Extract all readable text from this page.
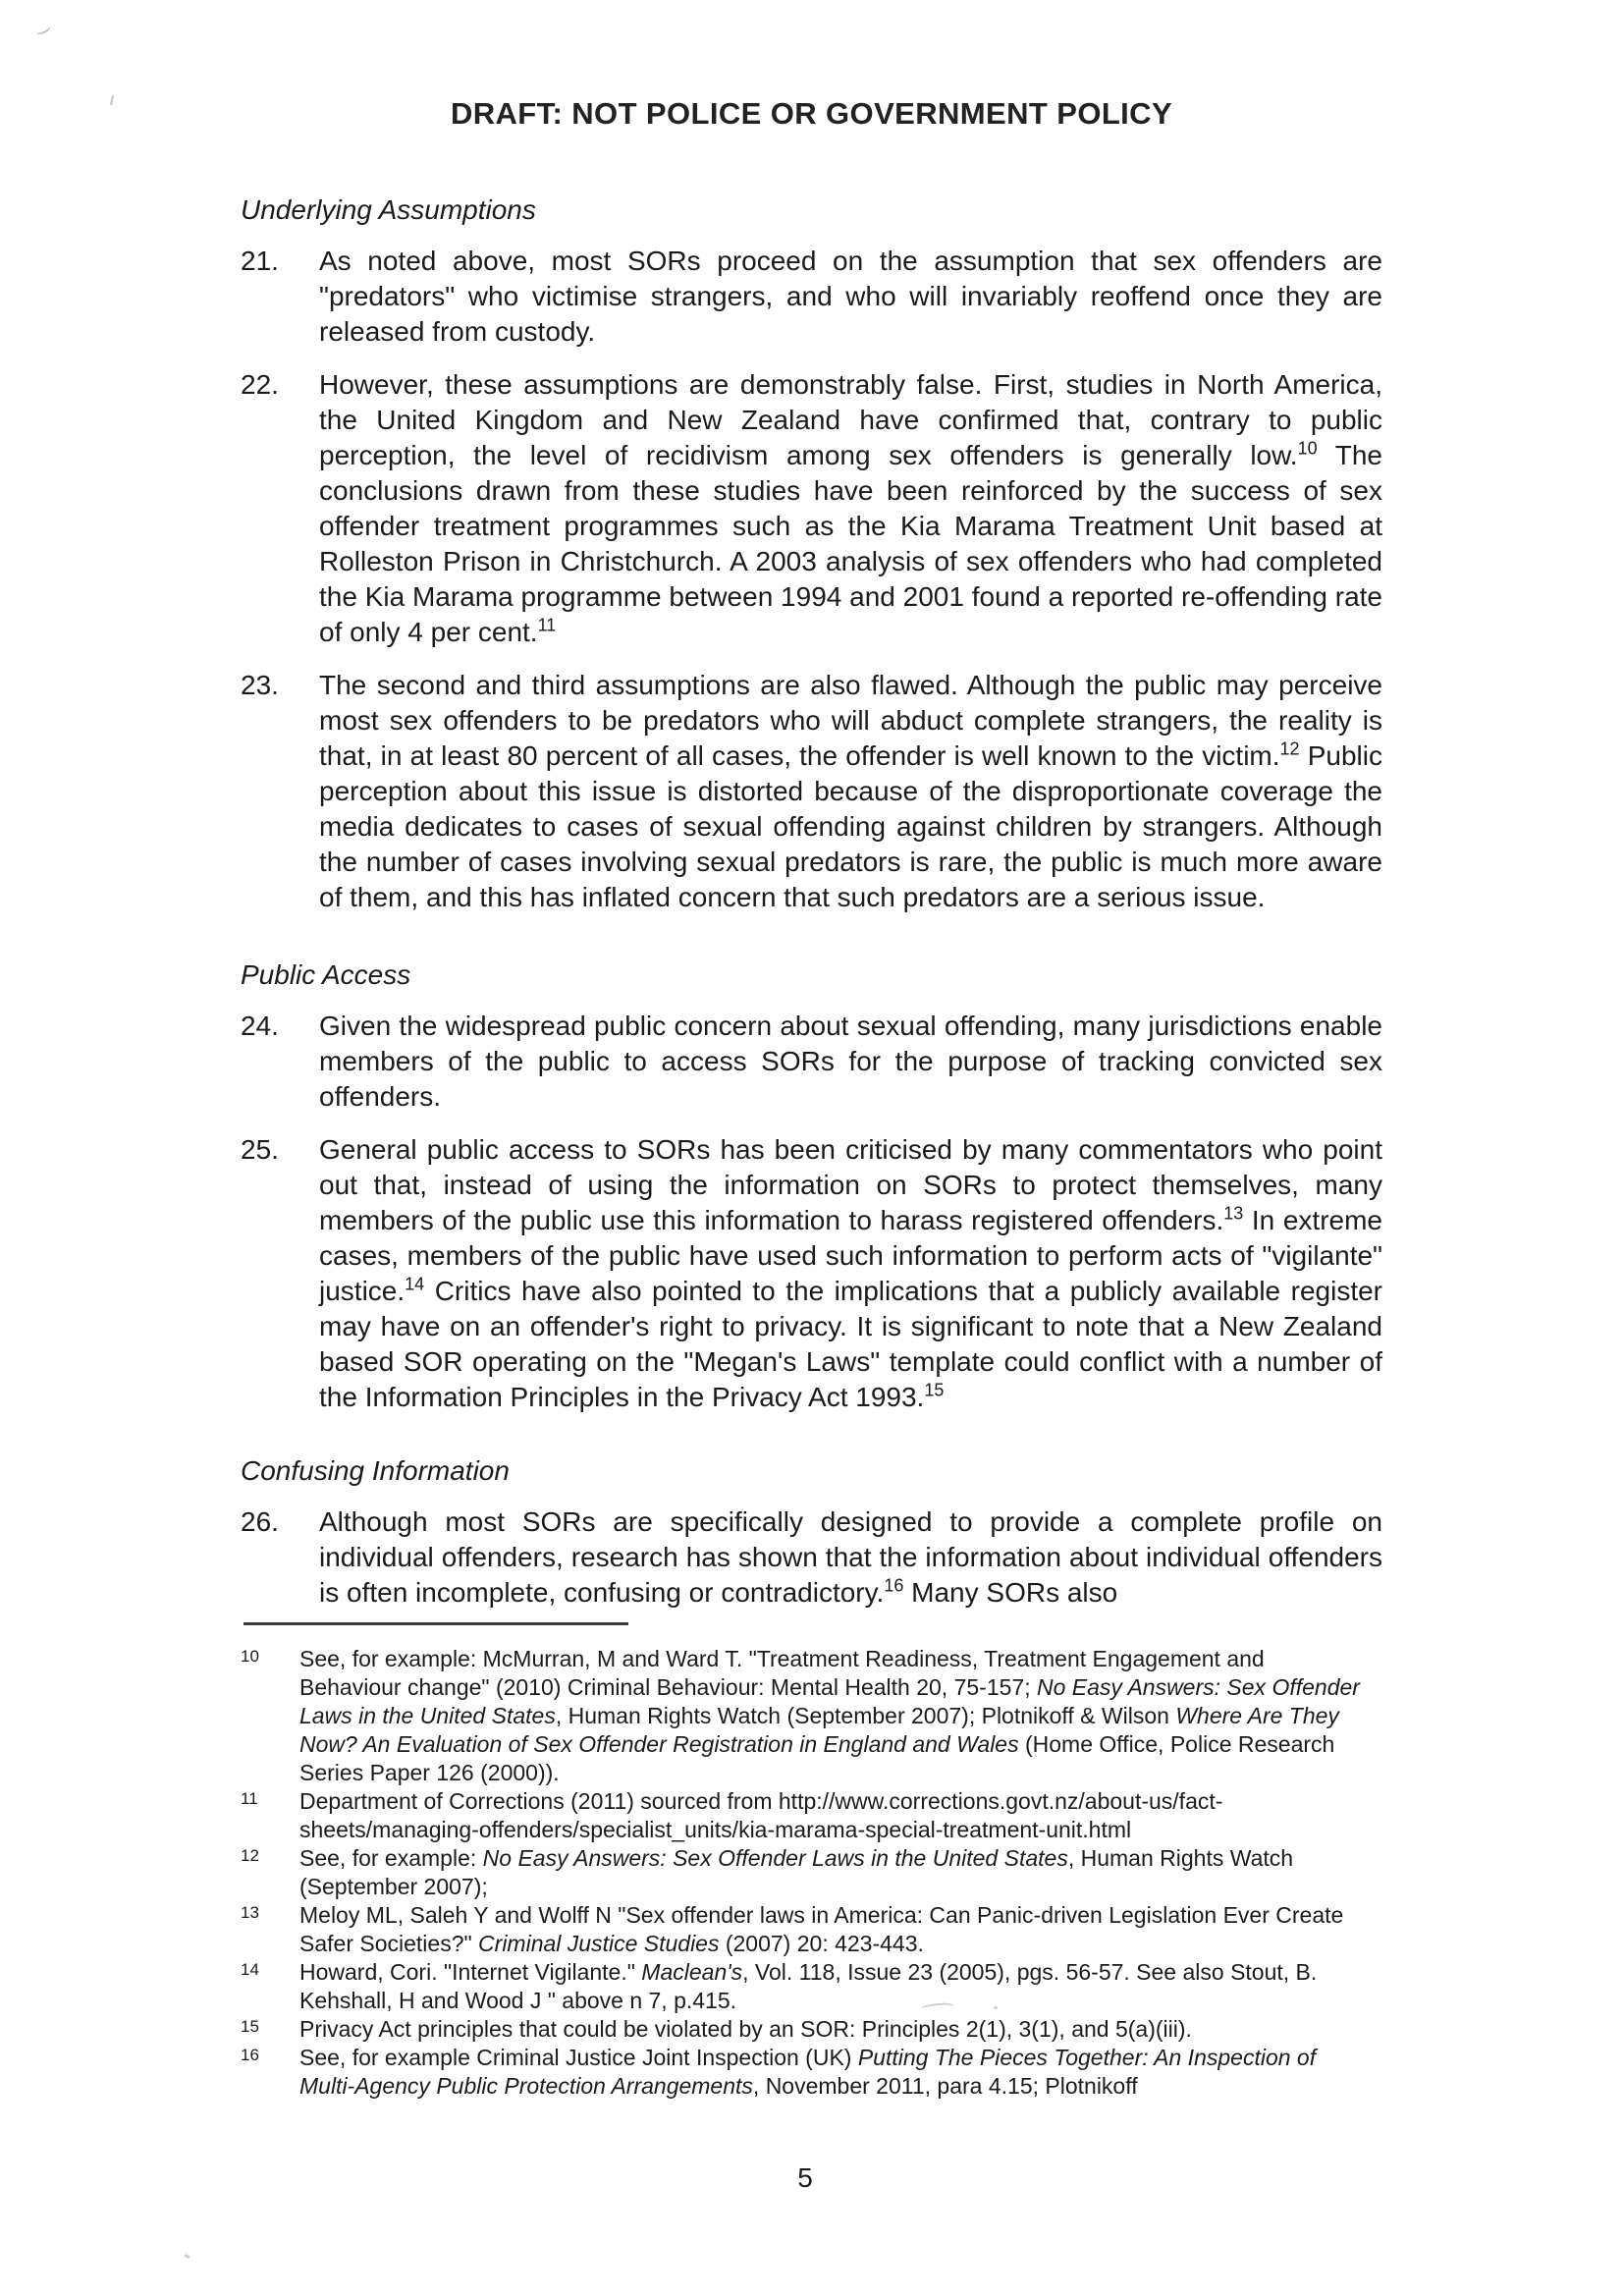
DRAFT: NOT POLICE OR GOVERNMENT POLICY
Underlying Assumptions
21.	As noted above, most SORs proceed on the assumption that sex offenders are "predators" who victimise strangers, and who will invariably reoffend once they are released from custody.

22.	However, these assumptions are demonstrably false. First, studies in North America, the United Kingdom and New Zealand have confirmed that, contrary to public perception, the level of recidivism among sex offenders is generally low.$^{10}$ The conclusions drawn from these studies have been reinforced by the success of sex offender treatment programmes such as the Kia Marama Treatment Unit based at Rolleston Prison in Christchurch. A 2003 analysis of sex offenders who had completed the Kia Marama programme between 1994 and 2001 found a reported re-offending rate of only 4 per cent.$^{11}$

23.	The second and third assumptions are also flawed. Although the public may perceive most sex offenders to be predators who will abduct complete strangers, the reality is that, in at least 80 percent of all cases, the offender is well known to the victim.$^{12}$ Public perception about this issue is distorted because of the disproportionate coverage the media dedicates to cases of sexual offending against children by strangers. Although the number of cases involving sexual predators is rare, the public is much more aware of them, and this has inflated concern that such predators are a serious issue.

Public Access
24.	Given the widespread public concern about sexual offending, many jurisdictions enable members of the public to access SORs for the purpose of tracking convicted sex offenders.

25.	General public access to SORs has been criticised by many commentators who point out that, instead of using the information on SORs to protect themselves, many members of the public use this information to harass registered offenders.$^{13}$ In extreme cases, members of the public have used such information to perform acts of "vigilante" justice.$^{14}$ Critics have also pointed to the implications that a publicly available register may have on an offender's right to privacy. It is significant to note that a New Zealand based SOR operating on the "Megan's Laws" template could conflict with a number of the Information Principles in the Privacy Act 1993.15

Confusing Information
26.	Although most SORs are specifically designed to provide a complete profile on individual offenders, research has shown that the information about individual offenders is often incomplete, confusing or contradictory.$^{16}$ Many SORs also

10	See, for example: McMurran, M and Ward T. "Treatment Readiness, Treatment Engagement and Behaviour change" (2010) Criminal Behaviour: Mental Health 20, 75-157; No Easy Answers: Sex Offender Laws in the United States, Human Rights Watch (September 2007); Plotnikoff & Wilson Where Are They Now? An Evaluation of Sex Offender Registration in England and Wales (Home Office, Police Research Series Paper 126 (2000)).

11	Department of Corrections (2011) sourced from http://www.corrections.govt.nz/about-us/fact-sheets/managing-offenders/specialist_units/kia-marama-special-treatment-unit.html

12	See, for example: No Easy Answers: Sex Offender Laws in the United States, Human Rights Watch (September 2007);

13	Meloy ML, Saleh Y and Wolff N "Sex offender laws in America: Can Panic-driven Legislation Ever Create Safer Societies?" Criminal Justice Studies (2007) 20: 423-443.

14	Howard, Cori. "Internet Vigilante." Maclean's, Vol. 118, Issue 23 (2005), pgs. 56-57. See also Stout, B. Kehshall, H and Wood J " above n 7, p.415.

15	Privacy Act principles that could be violated by an SOR: Principles 2(1), 3(1), and 5(a)(iii).

16	See, for example Criminal Justice Joint Inspection (UK) Putting The Pieces Together: An Inspection of Multi-Agency Public Protection Arrangements, November 2011, para 4.15; Plotnikoff

5
